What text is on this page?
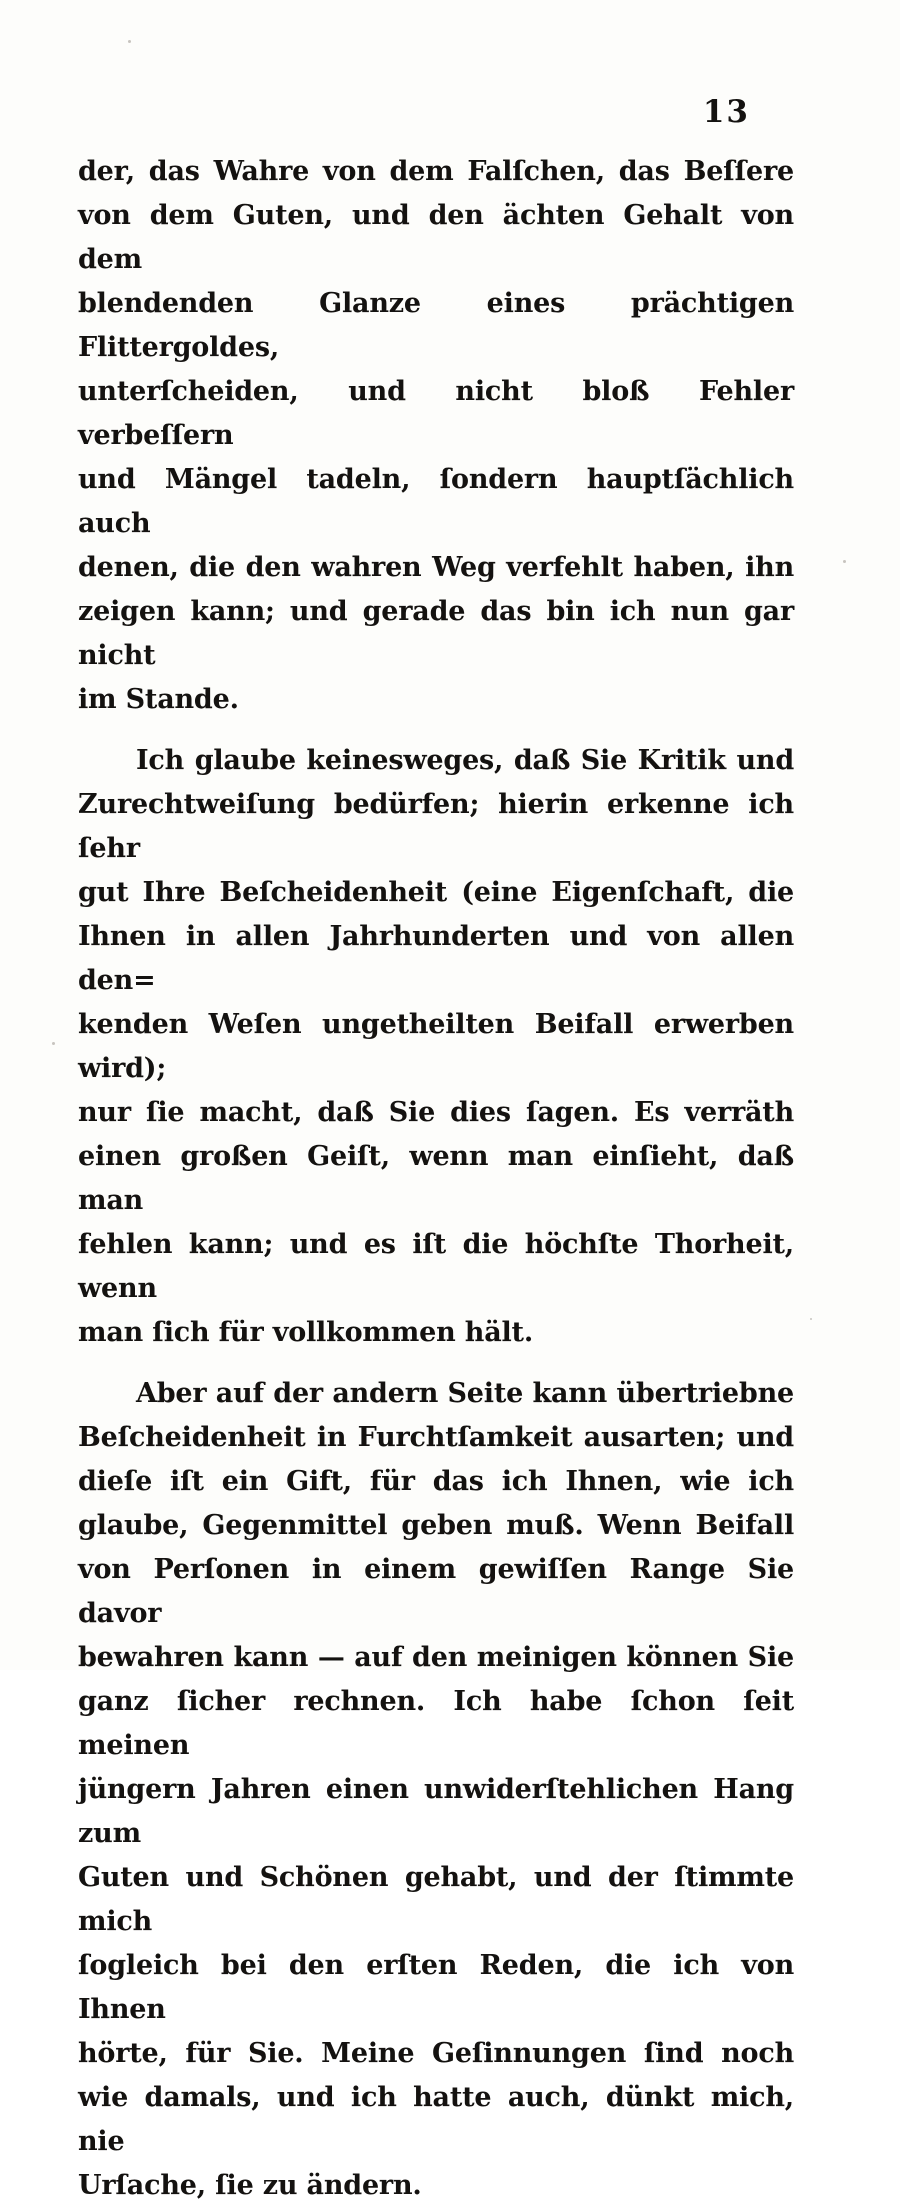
13
der, das Wahre von dem Falſchen, das Beſſere
von dem Guten, und den ächten Gehalt von dem
blendenden Glanze eines prächtigen Flittergoldes,
unterſcheiden, und nicht bloß Fehler verbeſſern
und Mängel tadeln, ſondern hauptſächlich auch
denen, die den wahren Weg verfehlt haben, ihn
zeigen kann; und gerade das bin ich nun gar nicht
im Stande.
Ich glaube keinesweges, daß Sie Kritik und
Zurechtweiſung bedürfen; hierin erkenne ich ſehr
gut Ihre Beſcheidenheit (eine Eigenſchaft, die
Ihnen in allen Jahrhunderten und von allen den=
kenden Weſen ungetheilten Beifall erwerben wird);
nur ſie macht, daß Sie dies ſagen. Es verräth
einen großen Geiſt, wenn man einſieht, daß man
fehlen kann; und es iſt die höchſte Thorheit, wenn
man ſich für vollkommen hält.
Aber auf der andern Seite kann übertriebne
Beſcheidenheit in Furchtſamkeit ausarten; und
dieſe iſt ein Gift, für das ich Ihnen, wie ich
glaube, Gegenmittel geben muß. Wenn Beifall
von Perſonen in einem gewiſſen Range Sie davor
bewahren kann — auf den meinigen können Sie
ganz ſicher rechnen. Ich habe ſchon ſeit meinen
jüngern Jahren einen unwiderſtehlichen Hang zum
Guten und Schönen gehabt, und der ſtimmte mich
ſogleich bei den erſten Reden, die ich von Ihnen
hörte, für Sie. Meine Geſinnungen ſind noch
wie damals, und ich hatte auch, dünkt mich, nie
Urſache, ſie zu ändern.
